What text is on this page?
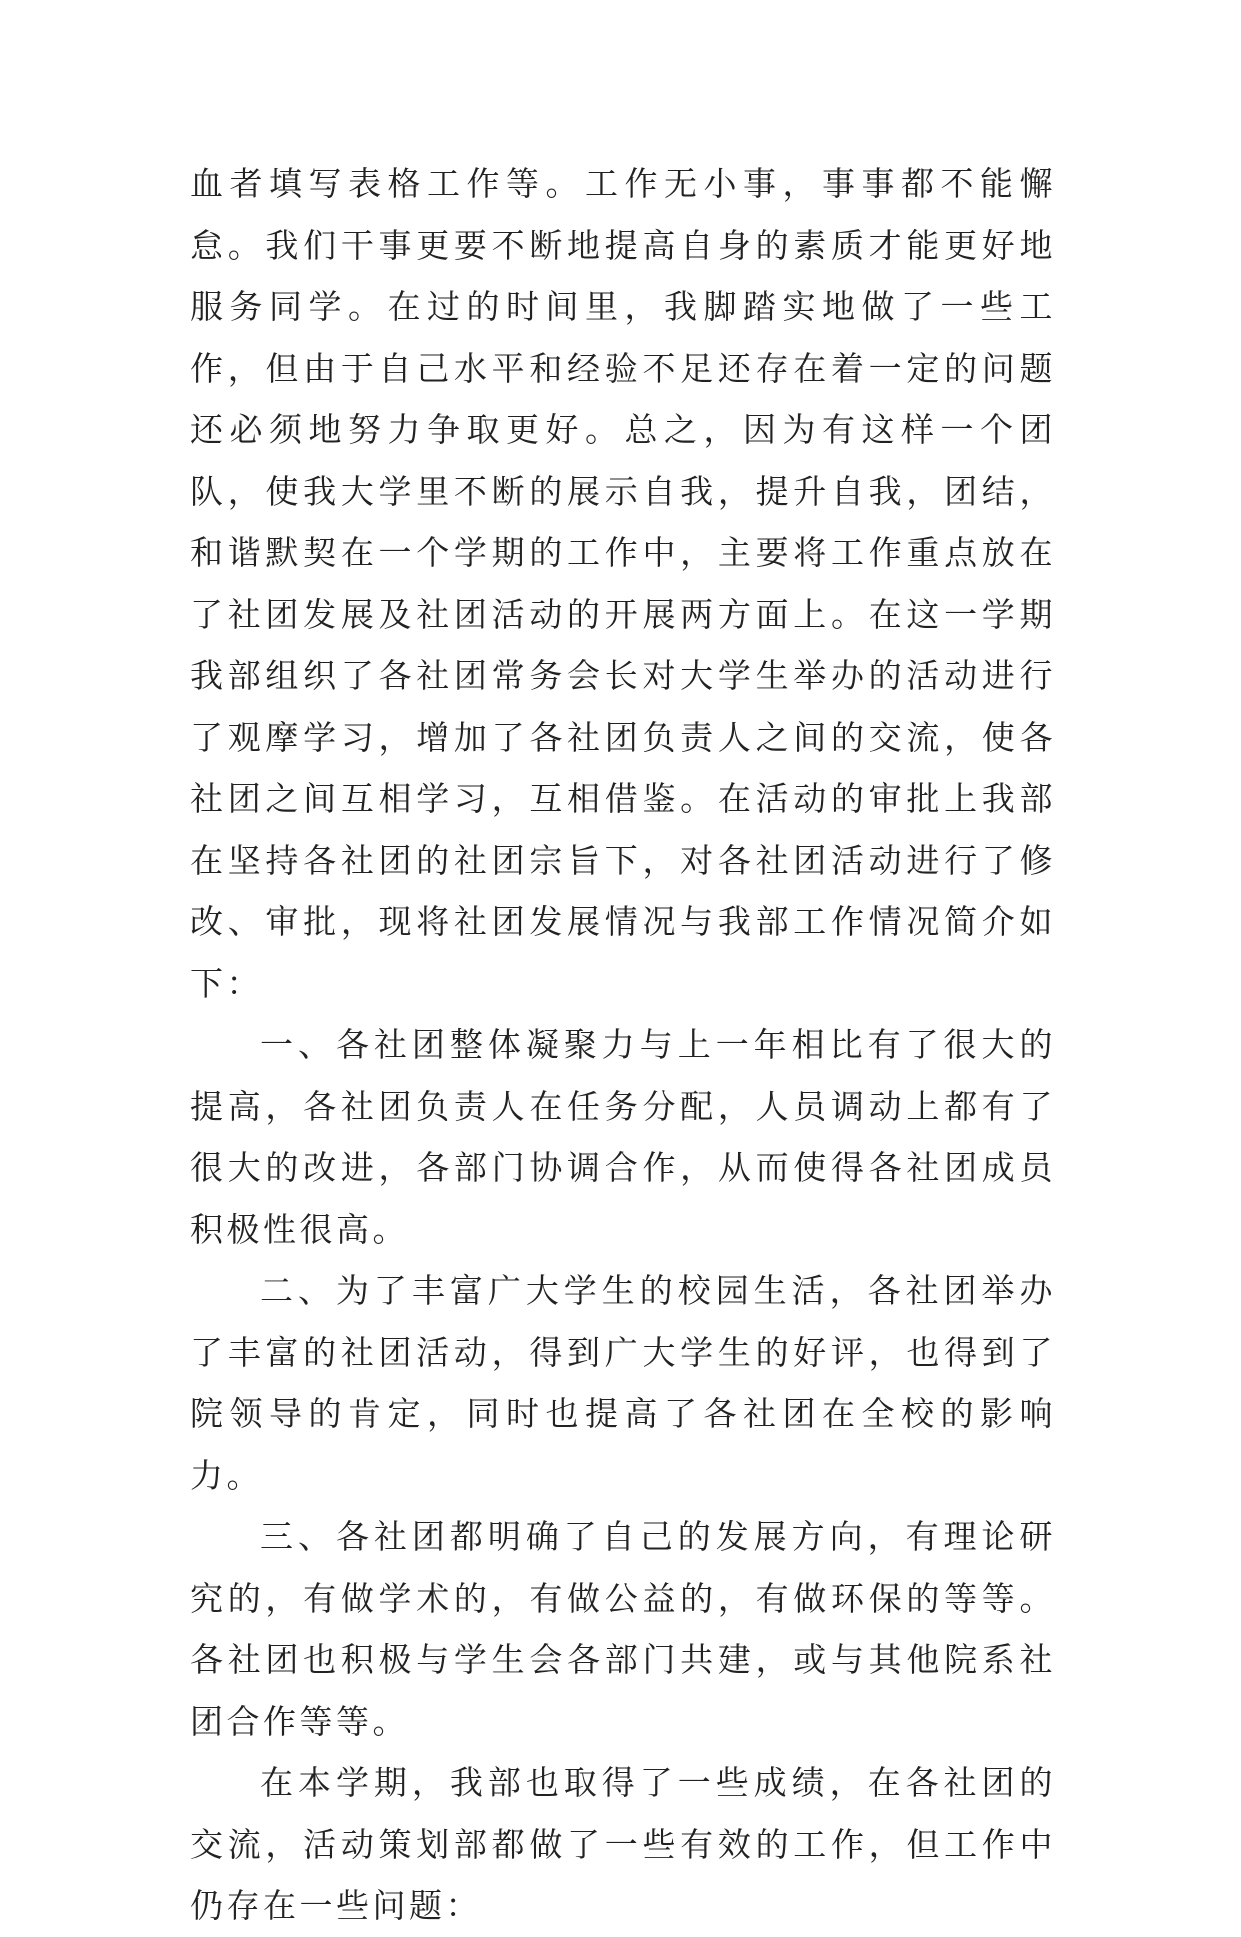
血者填写表格工作等。工作无小事，事事都不能懈怠。我们干事更要不断地提高自身的素质才能更好地服务同学。在过的时间里，我脚踏实地做了一些工作，但由于自己水平和经验不足还存在着一定的问题还必须地努力争取更好。总之，因为有这样一个团队，使我大学里不断的展示自我，提升自我，团结，和谐默契在一个学期的工作中，主要将工作重点放在了社团发展及社团活动的开展两方面上。在这一学期我部组织了各社团常务会长对大学生举办的活动进行了观摩学习，增加了各社团负责人之间的交流，使各社团之间互相学习，互相借鉴。在活动的审批上我部在坚持各社团的社团宗旨下，对各社团活动进行了修改、审批，现将社团发展情况与我部工作情况简介如下：

一、各社团整体凝聚力与上一年相比有了很大的提高，各社团负责人在任务分配，人员调动上都有了很大的改进，各部门协调合作，从而使得各社团成员积极性很高。

二、为了丰富广大学生的校园生活，各社团举办了丰富的社团活动，得到广大学生的好评，也得到了院领导的肯定，同时也提高了各社团在全校的影响力。

三、各社团都明确了自己的发展方向，有理论研究的，有做学术的，有做公益的，有做环保的等等。各社团也积极与学生会各部门共建，或与其他院系社团合作等等。

在本学期，我部也取得了一些成绩，在各社团的交流，活动策划部都做了一些有效的工作，但工作中仍存在一些问题：
